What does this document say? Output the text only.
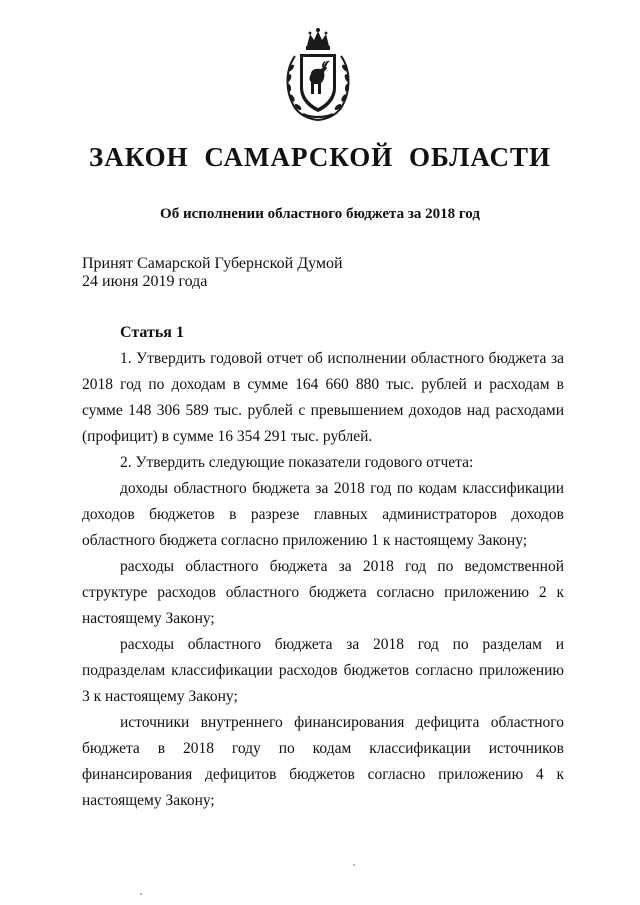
ЗАКОН САМАРСКОЙ ОБЛАСТИ
Об исполнении областного бюджета за 2018 год
Принят Самарской Губернской Думой
24 июня 2019 года
Статья 1

1. Утвердить годовой отчет об исполнении областного бюджета за 2018 год по доходам в сумме 164 660 880 тыс. рублей и расходам в сумме 148 306 589 тыс. рублей с превышением доходов над расходами (профицит) в сумме 16 354 291 тыс. рублей.

2. Утвердить следующие показатели годового отчета:

доходы областного бюджета за 2018 год по кодам классификации доходов бюджетов в разрезе главных администраторов доходов областного бюджета согласно приложению 1 к настоящему Закону;

расходы областного бюджета за 2018 год по ведомственной структуре расходов областного бюджета согласно приложению 2 к настоящему Закону;

расходы областного бюджета за 2018 год по разделам и подразделам классификации расходов бюджетов согласно приложению 3 к настоящему Закону;

источники внутреннего финансирования дефицита областного бюджета в 2018 году по кодам классификации источников финансирования дефицитов бюджетов согласно приложению 4 к настоящему Закону;
